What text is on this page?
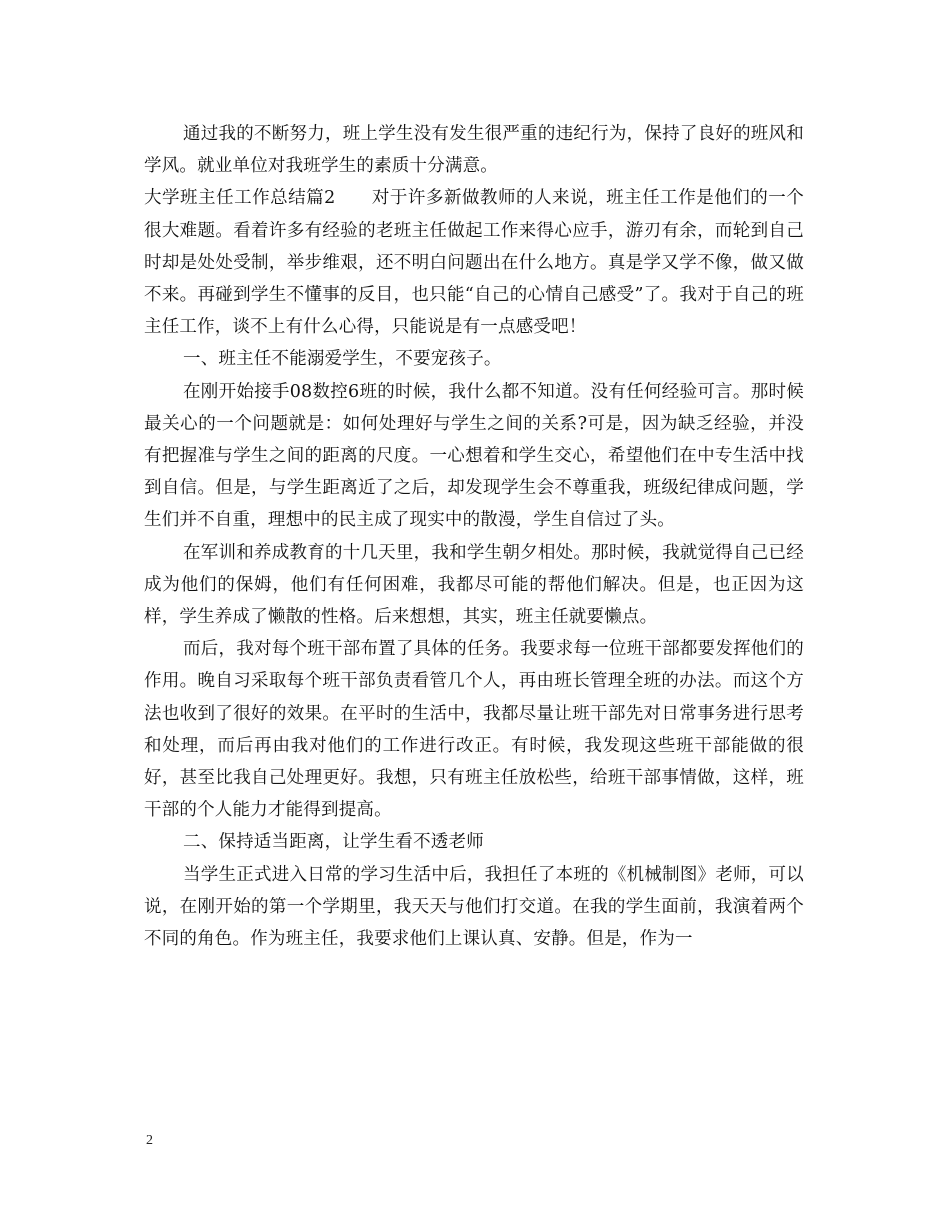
通过我的不断努力，班上学生没有发生很严重的违纪行为，保持了良好的班风和学风。就业单位对我班学生的素质十分满意。

大学班主任工作总结篇2　　对于许多新做教师的人来说，班主任工作是他们的一个很大难题。看着许多有经验的老班主任做起工作来得心应手，游刃有余，而轮到自己时却是处处受制，举步维艰，还不明白问题出在什么地方。真是学又学不像，做又做不来。再碰到学生不懂事的反目，也只能“自己的心情自己感受”了。我对于自己的班主任工作，谈不上有什么心得，只能说是有一点感受吧！

一、班主任不能溺爱学生，不要宠孩子。

在刚开始接手08数控6班的时候，我什么都不知道。没有任何经验可言。那时候最关心的一个问题就是：如何处理好与学生之间的关系?可是，因为缺乏经验，并没有把握准与学生之间的距离的尺度。一心想着和学生交心，希望他们在中专生活中找到自信。但是，与学生距离近了之后，却发现学生会不尊重我，班级纪律成问题，学生们并不自重，理想中的民主成了现实中的散漫，学生自信过了头。

在军训和养成教育的十几天里，我和学生朝夕相处。那时候，我就觉得自己已经成为他们的保姆，他们有任何困难，我都尽可能的帮他们解决。但是，也正因为这样，学生养成了懒散的性格。后来想想，其实，班主任就要懒点。

而后，我对每个班干部布置了具体的任务。我要求每一位班干部都要发挥他们的作用。晚自习采取每个班干部负责看管几个人，再由班长管理全班的办法。而这个方法也收到了很好的效果。在平时的生活中，我都尽量让班干部先对日常事务进行思考和处理，而后再由我对他们的工作进行改正。有时候，我发现这些班干部能做的很好，甚至比我自己处理更好。我想，只有班主任放松些，给班干部事情做，这样，班干部的个人能力才能得到提高。

二、保持适当距离，让学生看不透老师

当学生正式进入日常的学习生活中后，我担任了本班的《机械制图》老师，可以说，在刚开始的第一个学期里，我天天与他们打交道。在我的学生面前，我演着两个不同的角色。作为班主任，我要求他们上课认真、安静。但是，作为一

2
